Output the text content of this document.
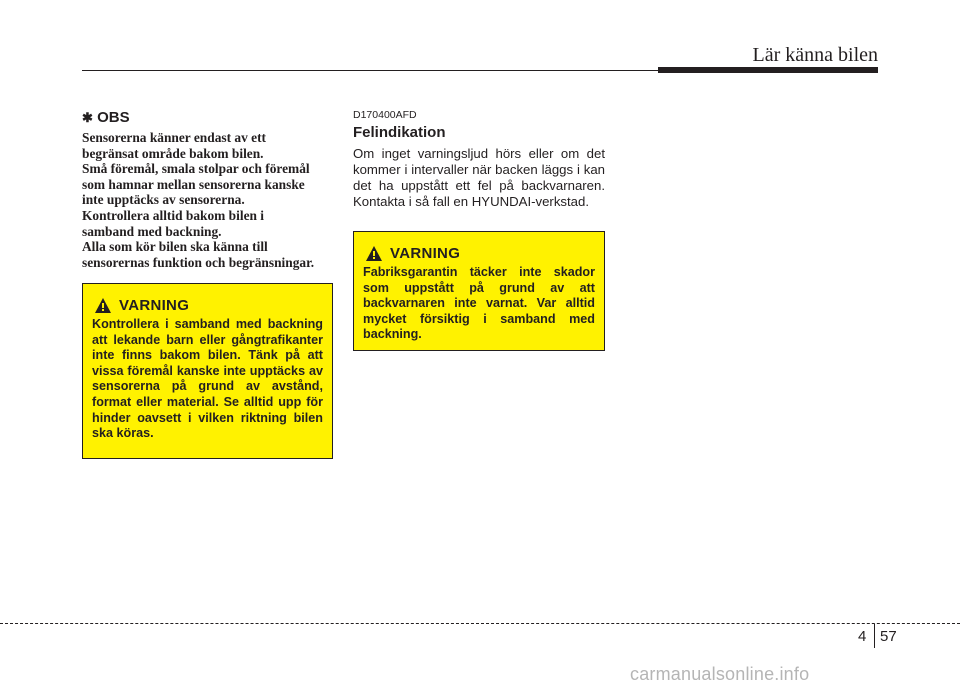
Lär känna bilen
✱ OBS

Sensorerna känner endast av ett
begränsat område bakom bilen.
Små föremål, smala stolpar och föremål
som hamnar mellan sensorerna kanske
inte upptäcks av sensorerna.
Kontrollera alltid bakom bilen i
samband med backning.
Alla som kör bilen ska känna till
sensorernas funktion och begränsningar.

VARNING

Kontrollera i samband med backning att lekande barn eller gångtrafikanter inte finns bakom bilen. Tänk på att vissa föremål kanske inte upptäcks av sensorerna på grund av avstånd, format eller material. Se alltid upp för hinder oavsett i vilken riktning bilen ska köras.

D170400AFD
Felindikation

Om inget varningsljud hörs eller om det kommer i intervaller när backen läggs i kan det ha uppstått ett fel på backvarnaren. Kontakta i så fall en HYUNDAI-verkstad.

VARNING

Fabriksgarantin täcker inte skador som uppstått på grund av att backvarnaren inte varnat. Var alltid mycket försiktig i samband med backning.

4 57
carmanualsonline.info
